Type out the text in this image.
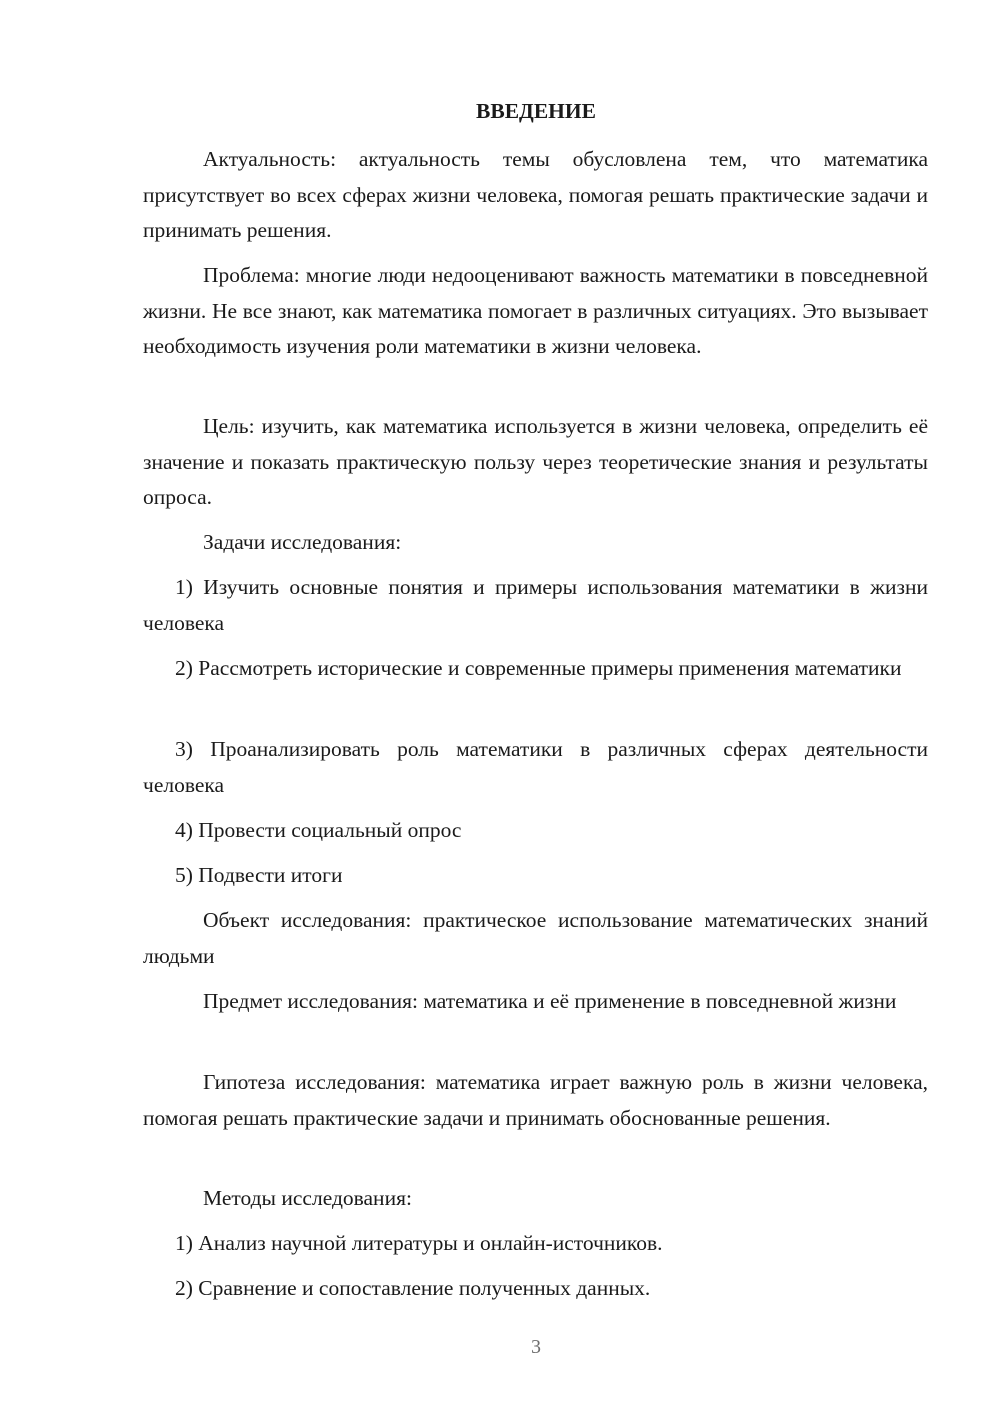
ВВЕДЕНИЕ

Актуальность: актуальность темы обусловлена тем, что математика присутствует во всех сферах жизни человека, помогая решать практические задачи и принимать решения.

Проблема: многие люди недооценивают важность математики в повседневной жизни. Не все знают, как математика помогает в различных ситуациях. Это вызывает необходимость изучения роли математики в жизни человека.

Цель: изучить, как математика используется в жизни человека, определить её значение и показать практическую пользу через теоретические знания и результаты опроса.

Задачи исследования:

1) Изучить основные понятия и примеры использования математики в жизни человека

2) Рассмотреть исторические и современные примеры применения математики

3) Проанализировать роль математики в различных сферах деятельности человека

4) Провести социальный опрос

5) Подвести итоги

Объект исследования: практическое использование математических знаний людьми

Предмет исследования: математика и её применение в повседневной жизни

Гипотеза исследования: математика играет важную роль в жизни человека, помогая решать практические задачи и принимать обоснованные решения.

Методы исследования:

1) Анализ научной литературы и онлайн-источников.

2) Сравнение и сопоставление полученных данных.

3
